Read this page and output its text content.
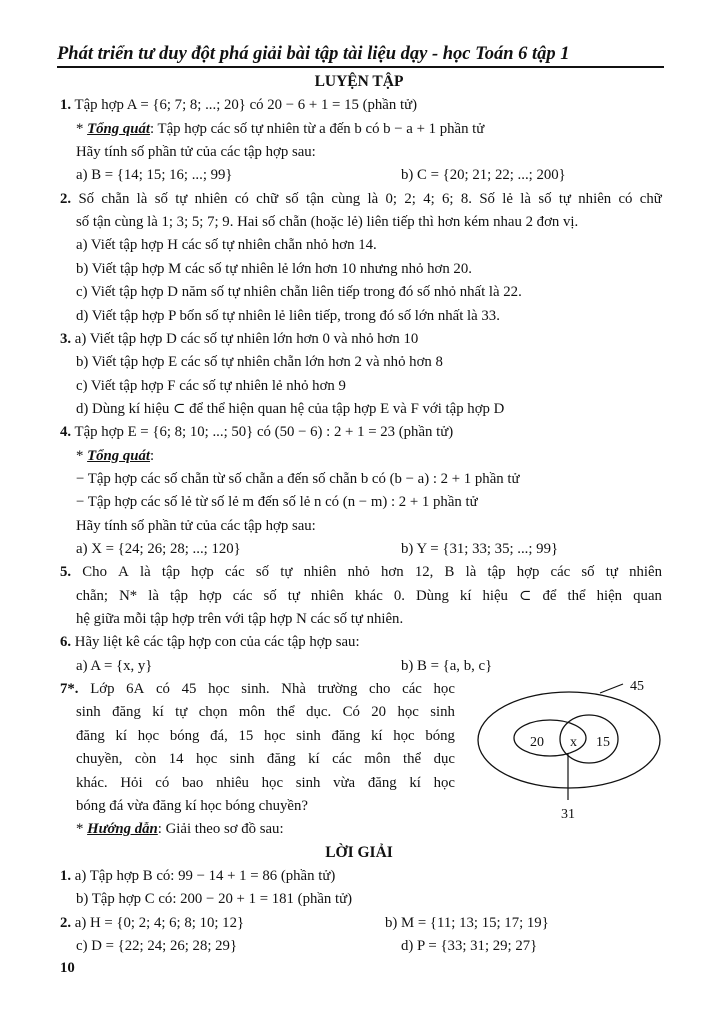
Phát triển tư duy đột phá giải bài tập tài liệu dạy - học Toán 6 tập 1
LUYỆN TẬP
1. Tập hợp A = {6; 7; 8; ...; 20} có 20 − 6 + 1 = 15 (phần tử)
* Tổng quát: Tập hợp các số tự nhiên từ a đến b có b − a + 1 phần tử
Hãy tính số phần tử của các tập hợp sau:
a) B = {14; 15; 16; ...; 99}	b) C = {20; 21; 22; ...; 200}
2. Số chẵn là số tự nhiên có chữ số tận cùng là 0; 2; 4; 6; 8. Số lẻ là số tự nhiên có chữ
số tận cùng là 1; 3; 5; 7; 9. Hai số chẵn (hoặc lẻ) liên tiếp thì hơn kém nhau 2 đơn vị.
a) Viết tập hợp H các số tự nhiên chẵn nhỏ hơn 14.
b) Viết tập hợp M các số tự nhiên lẻ lớn hơn 10 nhưng nhỏ hơn 20.
c) Viết tập hợp D năm số tự nhiên chẵn liên tiếp trong đó số nhỏ nhất là 22.
d) Viết tập hợp P bốn số tự nhiên lẻ liên tiếp, trong đó số lớn nhất là 33.
3. a) Viết tập hợp D các số tự nhiên lớn hơn 0 và nhỏ hơn 10
b) Viết tập hợp E các số tự nhiên chẵn lớn hơn 2 và nhỏ hơn 8
c) Viết tập hợp F các số tự nhiên lẻ nhỏ hơn 9
d) Dùng kí hiệu ⊂ để thể hiện quan hệ của tập hợp E và F với tập hợp D
4. Tập hợp E = {6; 8; 10; ...; 50} có (50 − 6) : 2 + 1 = 23 (phần tử)
* Tổng quát:
− Tập hợp các số chẵn từ số chẵn a đến số chẵn b có (b − a) : 2 + 1 phần tử
− Tập hợp các số lẻ từ số lẻ m đến số lẻ n có (n − m) : 2 + 1 phần tử
Hãy tính số phần tử của các tập hợp sau:
a) X = {24; 26; 28; ...; 120}	b) Y = {31; 33; 35; ...; 99}
5. Cho A là tập hợp các số tự nhiên nhỏ hơn 12, B là tập hợp các số tự nhiên
chẵn; N* là tập hợp các số tự nhiên khác 0. Dùng kí hiệu ⊂ để thể hiện quan
hệ giữa mỗi tập hợp trên với tập hợp N các số tự nhiên.
6. Hãy liệt kê các tập hợp con của các tập hợp sau:
a) A = {x, y}	b) B = {a, b, c}
7*. Lớp 6A có 45 học sinh. Nhà trường cho các học
sinh đăng kí tự chọn môn thể dục. Có 20 học sinh
đăng kí học bóng đá, 15 học sinh đăng kí học bóng
chuyền, còn 14 học sinh đăng kí các môn thể dục
khác. Hỏi có bao nhiêu học sinh vừa đăng kí học
bóng đá vừa đăng kí học bóng chuyền?
* Hướng dẫn: Giải theo sơ đồ sau:
LỜI GIẢI
1. a) Tập hợp B có: 99 − 14 + 1 = 86 (phần tử)
b) Tập hợp C có: 200 − 20 + 1 = 181 (phần tử)
2. a) H = {0; 2; 4; 6; 8; 10; 12}	b) M = {11; 13; 15; 17; 19}
c) D = {22; 24; 26; 28; 29}	d) P = {33; 31; 29; 27}
10
45
20 x 15
31
